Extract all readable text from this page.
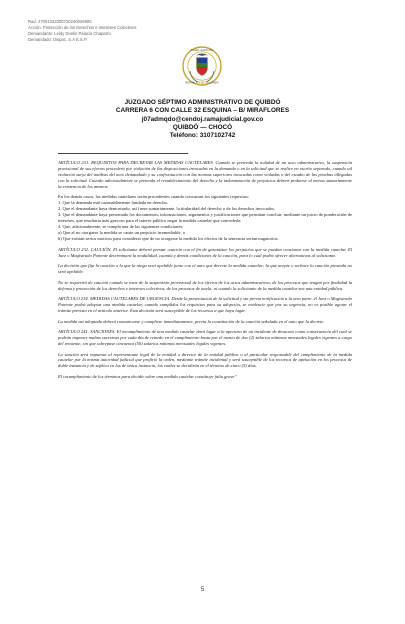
Rad. 27001333300720240026900
Acción: Protección de los Derechos e Intereses Colectivos
Demandante: Leidy Doelin Palacio Chaparro
Demandado: Dispac. S.A E.S.P.
RAMA JUDICIAL
REPÚBLICA DE COLOMBIA
JUZGADO SÉPTIMO ADMINISTRATIVO DE QUIBDÓ
CARRERA 6 CON CALLE 32 ESQUINA – B/ MIRAFLORES
j07admqdo@cendoj.ramajudicial.gov.co
QUIBDÓ — CHOCÓ
Teléfono: 3107102742

ARTÍCULO 231. REQUISITOS PARA DECRETAR LAS MEDIDAS CAUTELARES. Cuando se pretenda la nulidad de un acto administrativo, la suspensión provisional de sus efectos procederá por violación de las disposiciones invocadas en la demanda o en la solicitud que se realice en escrito separado, cuando tal violación surja del análisis del acto demandado y su confrontación con las normas superiores invocadas como violadas o del estudio de las pruebas allegadas con la solicitud. Cuando adicionalmente se pretenda el restablecimiento del derecho y la indemnización de perjuicios deberá probarse al menos sumariamente la existencia de los mismos.

En los demás casos, las medidas cautelares serán procedentes cuando concurran los siguientes requisitos:

1. Que la demanda esté razonablemente fundada en derecho.

2. Que el demandante haya demostrado, así fuere sumariamente, la titularidad del derecho o de los derechos invocados.

3. Que el demandante haya presentado los documentos, informaciones, argumentos y justificaciones que permitan concluir, mediante un juicio de ponderación de intereses, que resultaría más gravoso para el interés público negar la medida cautelar que concederla.

4. Que, adicionalmente, se cumpla una de las siguientes condiciones:

a) Que al no otorgarse la medida se cause un perjuicio irremediable, o

b) Que existan serios motivos para considerar que de no otorgarse la medida los efectos de la sentencia serían nugatorios.

ARTÍCULO 232. CAUCIÓN. El solicitante deberá prestar caución con el fin de garantizar los perjuicios que se puedan ocasionar con la medida cautelar. El Juez o Magistrado Ponente determinará la modalidad, cuantía y demás condiciones de la caución, para lo cual podrá ofrecer alternativas al solicitante.

La decisión que fija la caución o la que la niega será apelable junto con el auto que decrete la medida cautelar; la que acepte o rechace la caución prestada no será apelable.

No se requerirá de caución cuando se trate de la suspensión provisional de los efectos de los actos administrativos, de los procesos que tengan por finalidad la defensa y protección de los derechos e intereses colectivos, de los procesos de tutela, ni cuando la solicitante de la medida cautelar sea una entidad pública.

ARTÍCULO 234. MEDIDAS CAUTELARES DE URGENCIA. Desde la presentación de la solicitud y sin previa notificación a la otra parte, el Juez o Magistrado Ponente podrá adoptar una medida cautelar, cuando cumplidos los requisitos para su adopción, se evidencie que por su urgencia, no es posible agotar el trámite previsto en el artículo anterior. Esta decisión será susceptible de los recursos a que haya lugar.

La medida así adoptada deberá comunicarse y cumplirse inmediatamente, previa la constitución de la caución señalada en el auto que la decrete.

ARTÍCULO 241. SANCIONES. El incumplimiento de una medida cautelar dará lugar a la apertura de un incidente de desacato como consecuencia del cual se podrán imponer multas sucesivas por cada día de retardo en el cumplimiento hasta por el monto de dos (2) salarios mínimos mensuales legales vigentes a cargo del renuente, sin que sobrepase cincuenta (50) salarios mínimos mensuales legales vigentes.

La sanción será impuesta al representante legal de la entidad o director de la entidad pública o al particular responsable del cumplimiento de la medida cautelar por la misma autoridad judicial que profirió la orden, mediante trámite incidental y será susceptible de los recursos de apelación en los procesos de doble instancia y de súplica en los de única instancia, los cuales se decidirán en el término de cinco (5) días.

El incumplimiento de los términos para decidir sobre una medida cautelar constituye falta grave".

5
